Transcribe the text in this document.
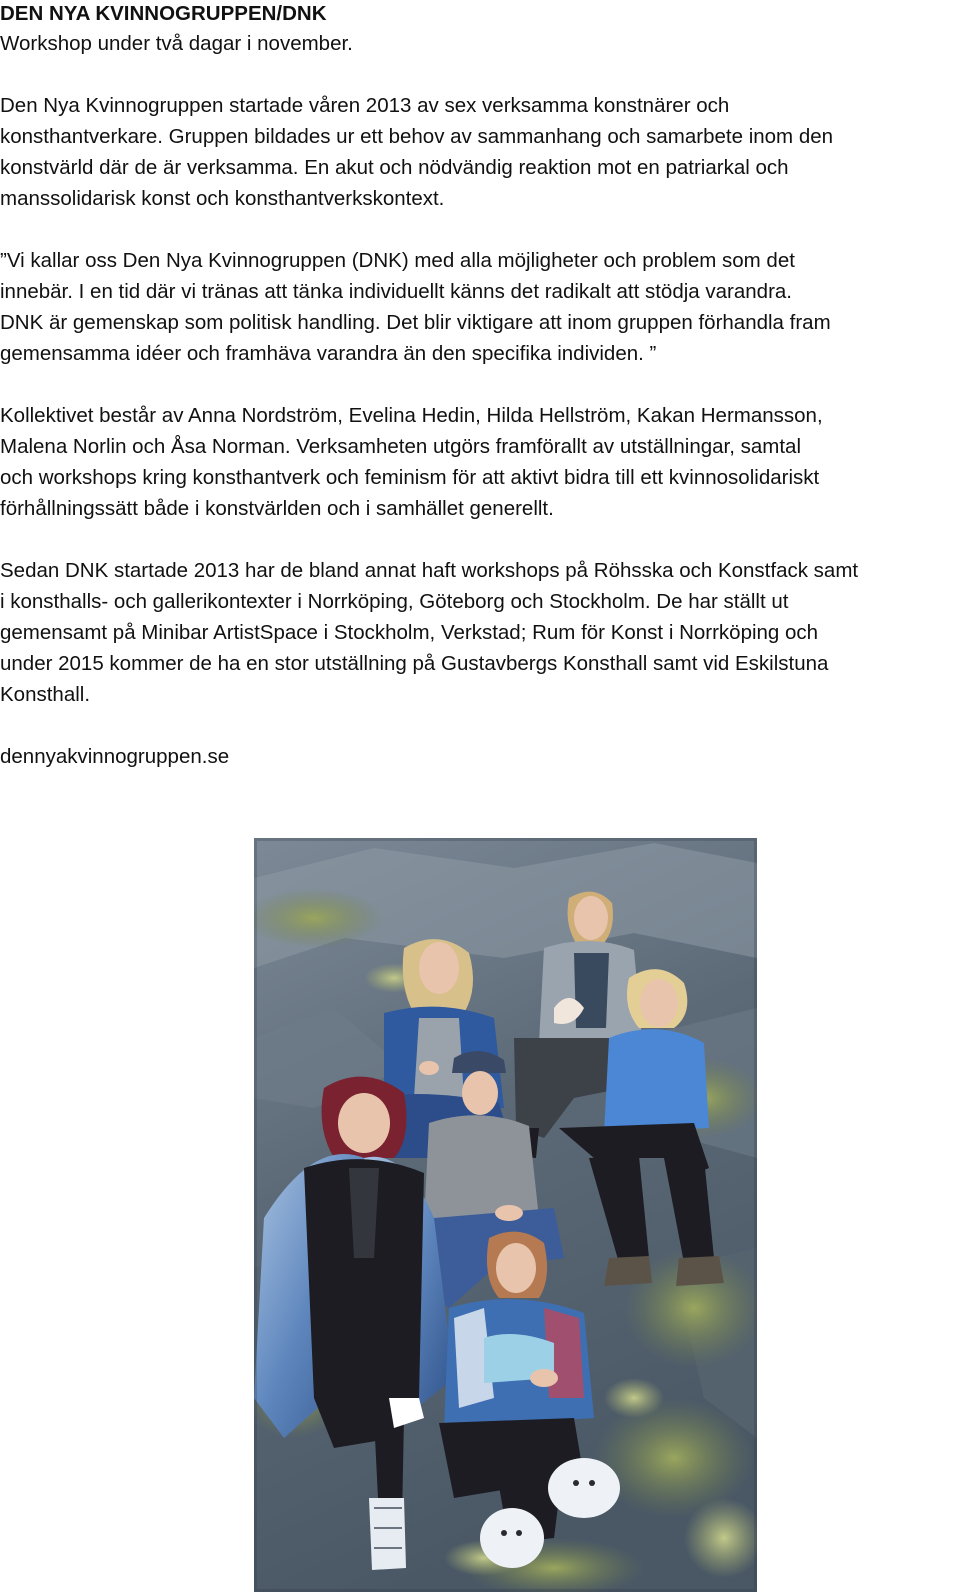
DEN NYA KVINNOGRUPPEN/DNK
Workshop under två dagar i november.
Den Nya Kvinnogruppen startade våren 2013 av sex verksamma konstnärer och
konsthantverkare. Gruppen bildades ur ett behov av sammanhang och samarbete inom den
konstvärld där de är verksamma. En akut och nödvändig reaktion mot en patriarkal och
manssolidarisk konst och konsthantverkskontext.
”Vi kallar oss Den Nya Kvinnogruppen (DNK) med alla möjligheter och problem som det
innebär. I en tid där vi tränas att tänka individuellt känns det radikalt att stödja varandra.
DNK är gemenskap som politisk handling. Det blir viktigare att inom gruppen förhandla fram
gemensamma idéer och framhäva varandra än den specifika individen. ”
Kollektivet består av Anna Nordström, Evelina Hedin, Hilda Hellström, Kakan Hermansson,
Malena Norlin och Åsa Norman. Verksamheten utgörs framförallt av utställningar, samtal
och workshops kring konsthantverk och feminism för att aktivt bidra till ett kvinnosolidariskt
förhållningssätt både i konstvärlden och i samhället generellt.
Sedan DNK startade 2013 har de bland annat haft workshops på Röhsska och Konstfack samt
i konsthalls- och gallerikontexter i Norrköping, Göteborg och Stockholm. De har ställt ut
gemensamt på Minibar ArtistSpace i Stockholm, Verkstad; Rum för Konst i Norrköping och
under 2015 kommer de ha en stor utställning på Gustavbergs Konsthall samt vid Eskilstuna
Konsthall.
dennyakvinnogruppen.se
